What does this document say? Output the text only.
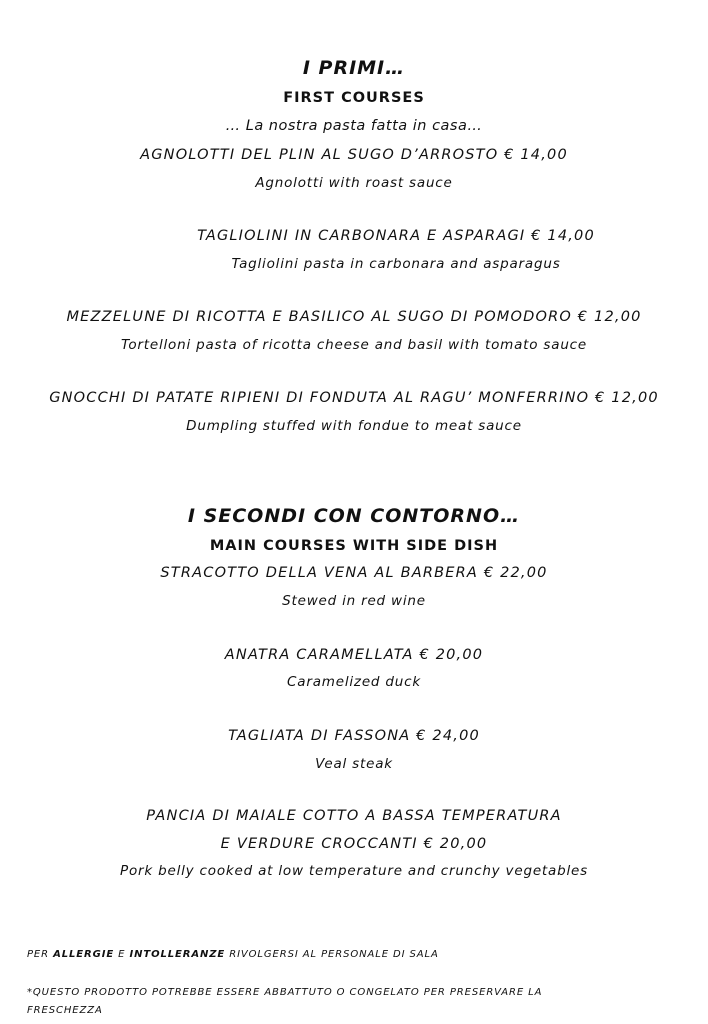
I PRIMI…
FIRST COURSES
… La nostra pasta fatta in casa…
AGNOLOTTI DEL PLIN AL SUGO D’ARROSTO € 14,00
Agnolotti with roast sauce
TAGLIOLINI IN CARBONARA E ASPARAGI € 14,00
Tagliolini pasta in carbonara and asparagus
MEZZELUNE DI RICOTTA E BASILICO AL SUGO DI POMODORO € 12,00
Tortelloni pasta of ricotta cheese and basil with tomato sauce
GNOCCHI DI PATATE RIPIENI DI FONDUTA AL RAGU’ MONFERRINO € 12,00
Dumpling stuffed with fondue to meat sauce
I SECONDI CON CONTORNO…
MAIN COURSES WITH SIDE DISH
STRACOTTO DELLA VENA AL BARBERA € 22,00
Stewed in red wine
ANATRA CARAMELLATA € 20,00
Caramelized duck
TAGLIATA DI FASSONA € 24,00
Veal steak
PANCIA DI MAIALE COTTO A BASSA TEMPERATURA
E VERDURE CROCCANTI € 20,00
Pork belly cooked at low temperature and crunchy vegetables
PER ALLERGIE E INTOLLERANZE RIVOLGERSI AL PERSONALE DI SALA
*QUESTO PRODOTTO POTREBBE ESSERE ABBATTUTO O CONGELATO PER PRESERVARE LA FRESCHEZZA
